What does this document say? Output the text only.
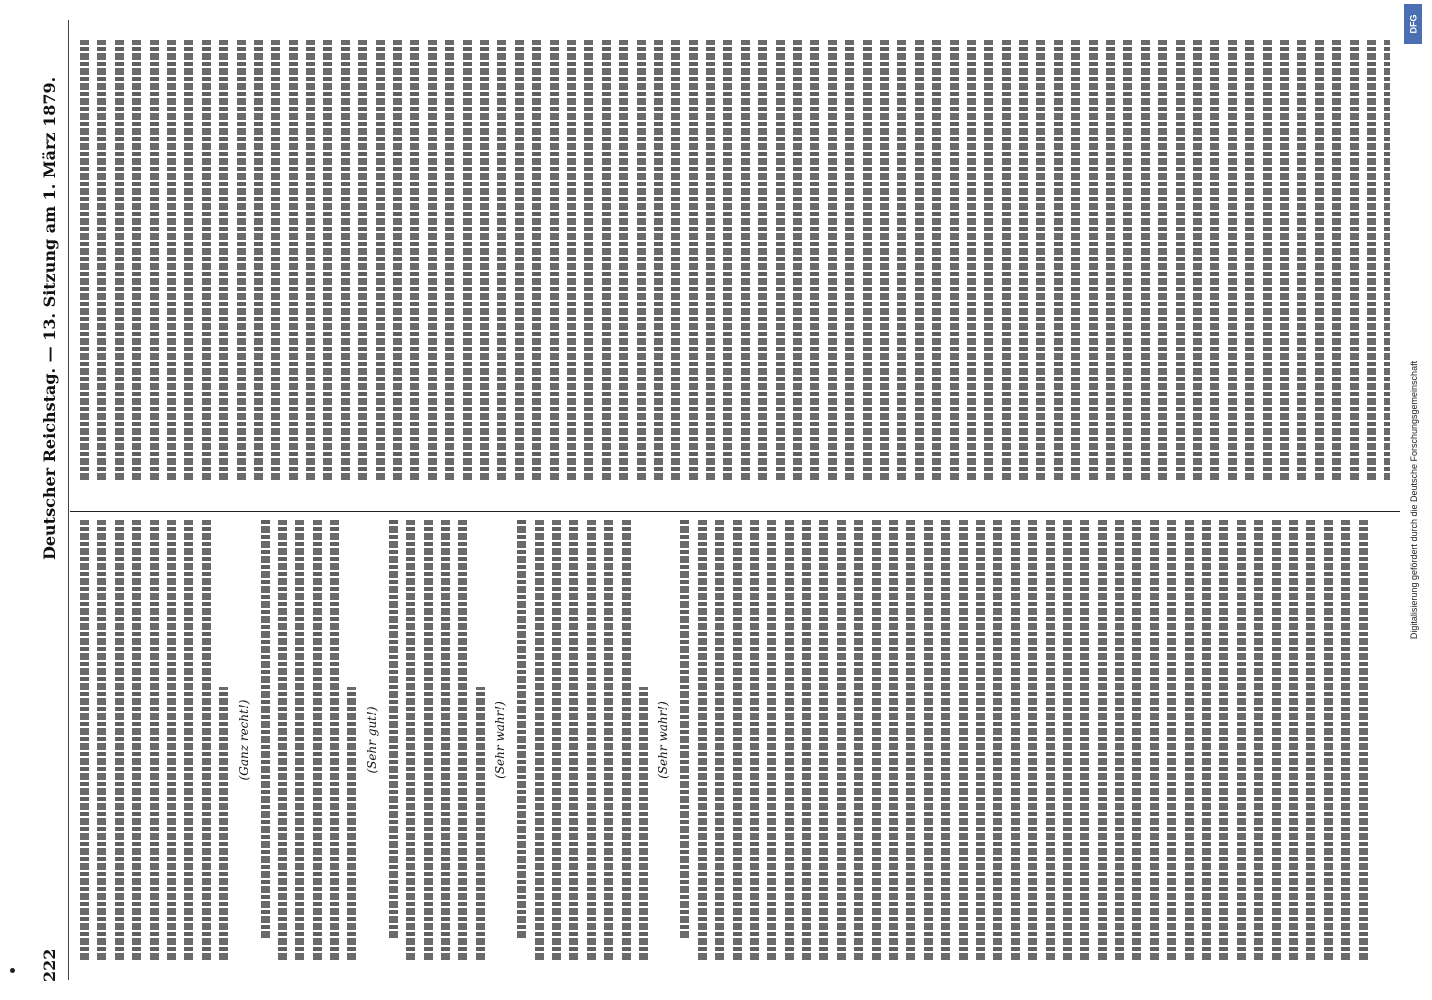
222
Deutscher Reichstag. — 13. Sitzung am 1. März 1879.
(Ganz recht!)	(Sehr gut!)	(Sehr wahr!)	(Sehr wahr!)
Digitalisierung gefördert durch die Deutsche Forschungsgemeinschaft
DFG
